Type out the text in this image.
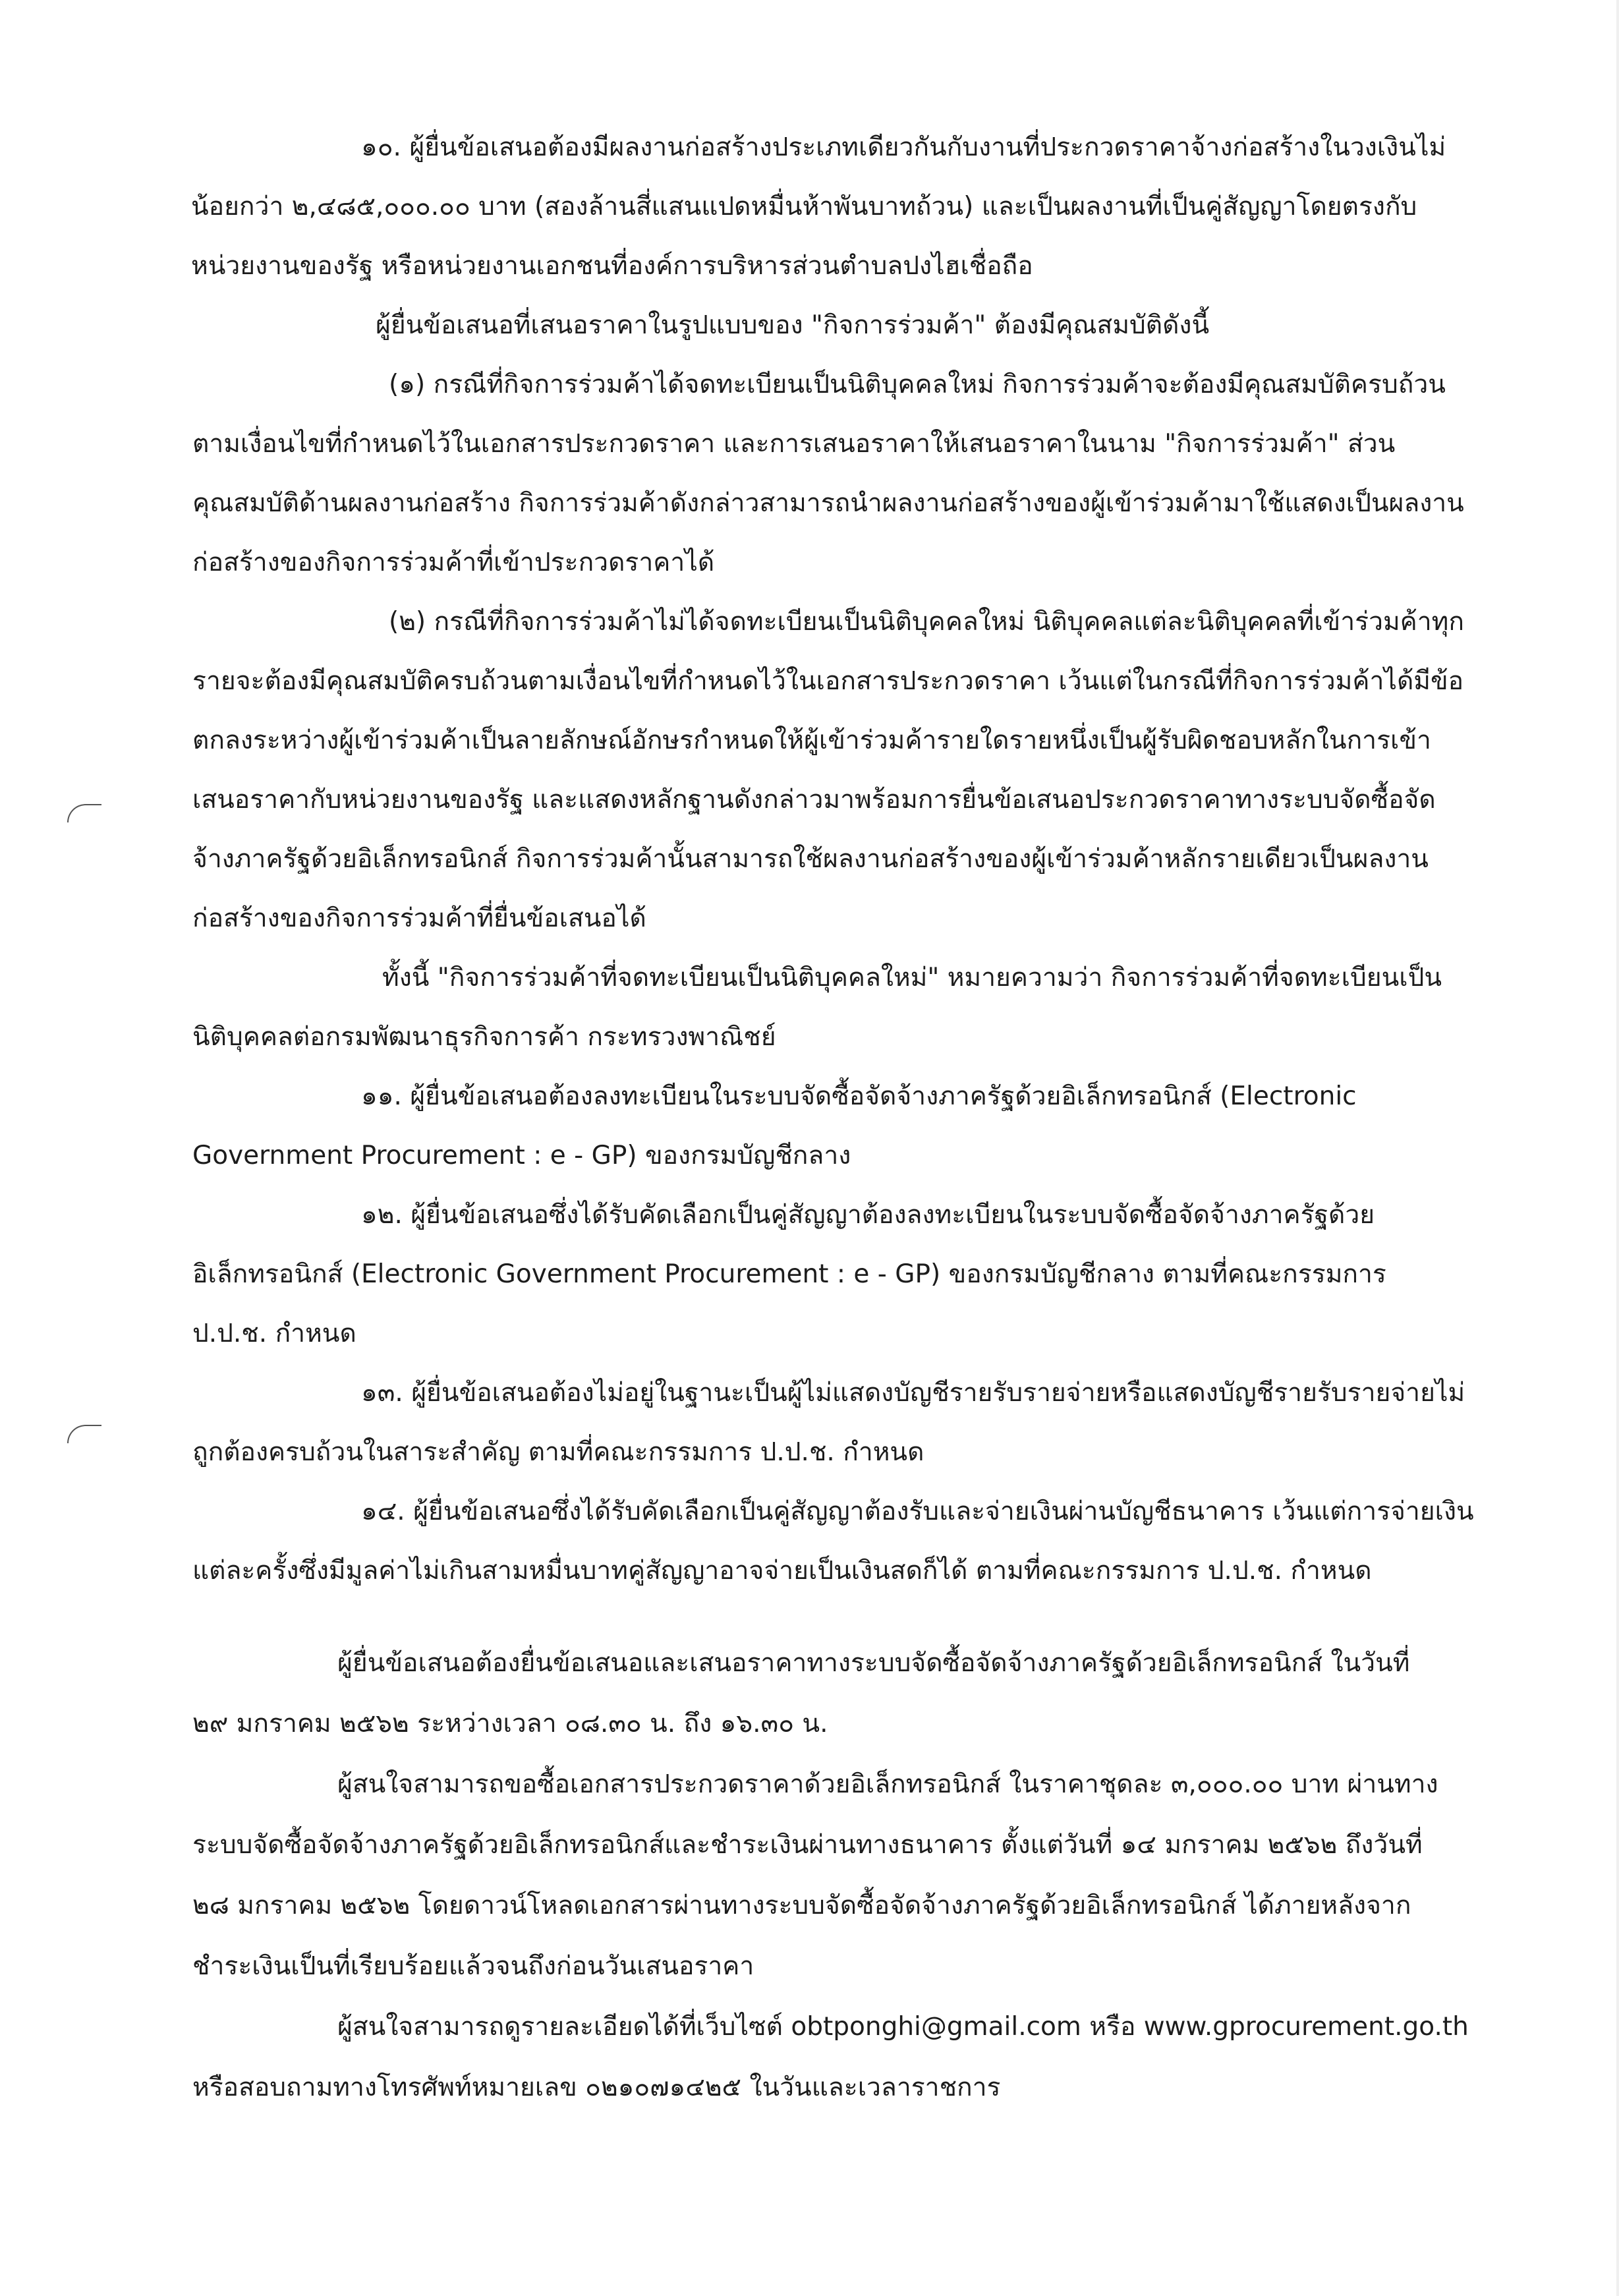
๑๐. ผู้ยื่นข้อเสนอต้องมีผลงานก่อสร้างประเภทเดียวกันกับงานที่ประกวดราคาจ้างก่อสร้างในวงเงินไม่

น้อยกว่า ๒,๔๘๕,๐๐๐.๐๐ บาท (สองล้านสี่แสนแปดหมื่นห้าพันบาทถ้วน) และเป็นผลงานที่เป็นคู่สัญญาโดยตรงกับ

หน่วยงานของรัฐ หรือหน่วยงานเอกชนที่องค์การบริหารส่วนตำบลปงไฮเชื่อถือ

ผู้ยื่นข้อเสนอที่เสนอราคาในรูปแบบของ "กิจการร่วมค้า" ต้องมีคุณสมบัติดังนี้

(๑) กรณีที่กิจการร่วมค้าได้จดทะเบียนเป็นนิติบุคคลใหม่ กิจการร่วมค้าจะต้องมีคุณสมบัติครบถ้วน

ตามเงื่อนไขที่กำหนดไว้ในเอกสารประกวดราคา และการเสนอราคาให้เสนอราคาในนาม "กิจการร่วมค้า" ส่วน

คุณสมบัติด้านผลงานก่อสร้าง กิจการร่วมค้าดังกล่าวสามารถนำผลงานก่อสร้างของผู้เข้าร่วมค้ามาใช้แสดงเป็นผลงาน

ก่อสร้างของกิจการร่วมค้าที่เข้าประกวดราคาได้

(๒) กรณีที่กิจการร่วมค้าไม่ได้จดทะเบียนเป็นนิติบุคคลใหม่ นิติบุคคลแต่ละนิติบุคคลที่เข้าร่วมค้าทุก

รายจะต้องมีคุณสมบัติครบถ้วนตามเงื่อนไขที่กำหนดไว้ในเอกสารประกวดราคา เว้นแต่ในกรณีที่กิจการร่วมค้าได้มีข้อ

ตกลงระหว่างผู้เข้าร่วมค้าเป็นลายลักษณ์อักษรกำหนดให้ผู้เข้าร่วมค้ารายใดรายหนึ่งเป็นผู้รับผิดชอบหลักในการเข้า

เสนอราคากับหน่วยงานของรัฐ และแสดงหลักฐานดังกล่าวมาพร้อมการยื่นข้อเสนอประกวดราคาทางระบบจัดซื้อจัด

จ้างภาครัฐด้วยอิเล็กทรอนิกส์ กิจการร่วมค้านั้นสามารถใช้ผลงานก่อสร้างของผู้เข้าร่วมค้าหลักรายเดียวเป็นผลงาน

ก่อสร้างของกิจการร่วมค้าที่ยื่นข้อเสนอได้

ทั้งนี้ "กิจการร่วมค้าที่จดทะเบียนเป็นนิติบุคคลใหม่" หมายความว่า กิจการร่วมค้าที่จดทะเบียนเป็น

นิติบุคคลต่อกรมพัฒนาธุรกิจการค้า กระทรวงพาณิชย์

๑๑. ผู้ยื่นข้อเสนอต้องลงทะเบียนในระบบจัดซื้อจัดจ้างภาครัฐด้วยอิเล็กทรอนิกส์ (Electronic

Government Procurement : e - GP) ของกรมบัญชีกลาง

๑๒. ผู้ยื่นข้อเสนอซึ่งได้รับคัดเลือกเป็นคู่สัญญาต้องลงทะเบียนในระบบจัดซื้อจัดจ้างภาครัฐด้วย

อิเล็กทรอนิกส์ (Electronic Government Procurement : e - GP) ของกรมบัญชีกลาง ตามที่คณะกรรมการ

ป.ป.ช. กำหนด

๑๓. ผู้ยื่นข้อเสนอต้องไม่อยู่ในฐานะเป็นผู้ไม่แสดงบัญชีรายรับรายจ่ายหรือแสดงบัญชีรายรับรายจ่ายไม่

ถูกต้องครบถ้วนในสาระสำคัญ ตามที่คณะกรรมการ ป.ป.ช. กำหนด

๑๔. ผู้ยื่นข้อเสนอซึ่งได้รับคัดเลือกเป็นคู่สัญญาต้องรับและจ่ายเงินผ่านบัญชีธนาคาร เว้นแต่การจ่ายเงิน

แต่ละครั้งซึ่งมีมูลค่าไม่เกินสามหมื่นบาทคู่สัญญาอาจจ่ายเป็นเงินสดก็ได้ ตามที่คณะกรรมการ ป.ป.ช. กำหนด

ผู้ยื่นข้อเสนอต้องยื่นข้อเสนอและเสนอราคาทางระบบจัดซื้อจัดจ้างภาครัฐด้วยอิเล็กทรอนิกส์ ในวันที่

๒๙ มกราคม ๒๕๖๒ ระหว่างเวลา ๐๘.๓๐ น. ถึง ๑๖.๓๐ น.

ผู้สนใจสามารถขอซื้อเอกสารประกวดราคาด้วยอิเล็กทรอนิกส์ ในราคาชุดละ ๓,๐๐๐.๐๐ บาท ผ่านทาง

ระบบจัดซื้อจัดจ้างภาครัฐด้วยอิเล็กทรอนิกส์และชำระเงินผ่านทางธนาคาร ตั้งแต่วันที่ ๑๔ มกราคม ๒๕๖๒ ถึงวันที่

๒๘ มกราคม ๒๕๖๒ โดยดาวน์โหลดเอกสารผ่านทางระบบจัดซื้อจัดจ้างภาครัฐด้วยอิเล็กทรอนิกส์ ได้ภายหลังจาก

ชำระเงินเป็นที่เรียบร้อยแล้วจนถึงก่อนวันเสนอราคา

ผู้สนใจสามารถดูรายละเอียดได้ที่เว็บไซต์ obtponghi@gmail.com หรือ www.gprocurement.go.th

หรือสอบถามทางโทรศัพท์หมายเลข ๐๒๑๐๗๑๔๒๕ ในวันและเวลาราชการ
